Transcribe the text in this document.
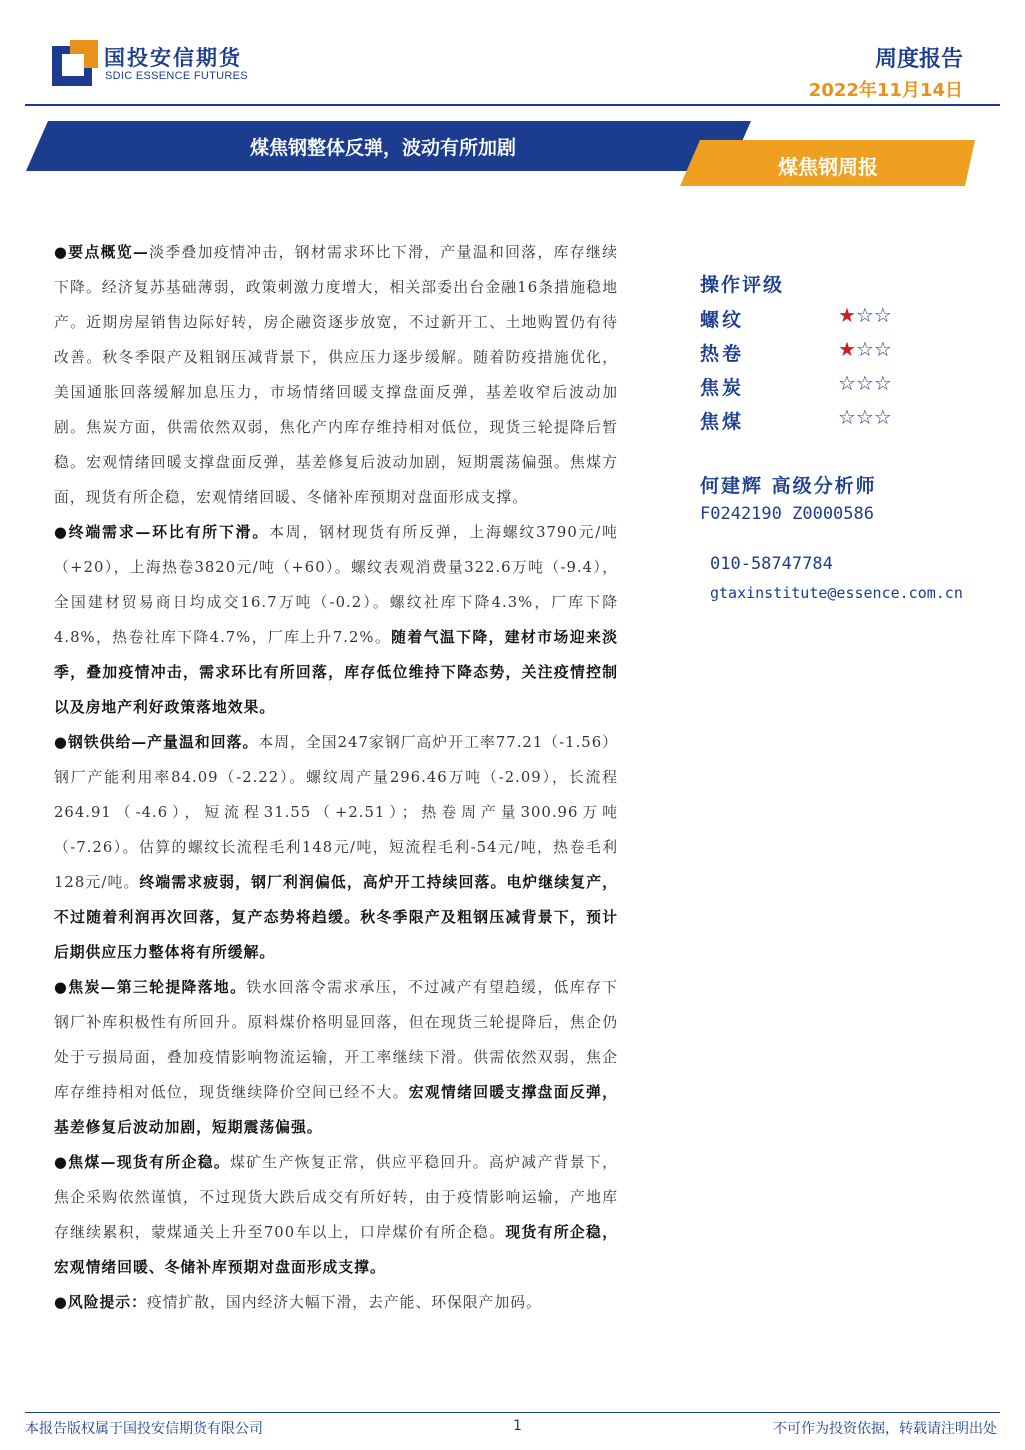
国投安信期货
SDIC ESSENCE FUTURES
周度报告
2022年11月14日
煤焦钢整体反弹，波动有所加剧
煤焦钢周报

●要点概览—淡季叠加疫情冲击，钢材需求环比下滑，产量温和回落，库存继续下降。经济复苏基础薄弱，政策刺激力度增大，相关部委出台金融16条措施稳地产。近期房屋销售边际好转，房企融资逐步放宽，不过新开工、土地购置仍有待改善。秋冬季限产及粗钢压减背景下，供应压力逐步缓解。随着防疫措施优化，美国通胀回落缓解加息压力，市场情绪回暖支撑盘面反弹，基差收窄后波动加剧。焦炭方面，供需依然双弱，焦化产内库存维持相对低位，现货三轮提降后暂稳。宏观情绪回暖支撑盘面反弹，基差修复后波动加剧，短期震荡偏强。焦煤方面，现货有所企稳，宏观情绪回暖、冬储补库预期对盘面形成支撑。

●终端需求—环比有所下滑。本周，钢材现货有所反弹，上海螺纹3790元/吨（+20），上海热卷3820元/吨（+60）。螺纹表观消费量322.6万吨（-9.4），全国建材贸易商日均成交16.7万吨（-0.2）。螺纹社库下降4.3%，厂库下降4.8%，热卷社库下降4.7%，厂库上升7.2%。随着气温下降，建材市场迎来淡季，叠加疫情冲击，需求环比有所回落，库存低位维持下降态势，关注疫情控制以及房地产利好政策落地效果。

●钢铁供给—产量温和回落。本周，全国247家钢厂高炉开工率77.21（-1.56）钢厂产能利用率84.09（-2.22）。螺纹周产量296.46万吨（-2.09），长流程264.91（-4.6），短流程31.55（+2.51）；热卷周产量300.96万吨（-7.26）。估算的螺纹长流程毛利148元/吨，短流程毛利-54元/吨，热卷毛利128元/吨。终端需求疲弱，钢厂利润偏低，高炉开工持续回落。电炉继续复产，不过随着利润再次回落，复产态势将趋缓。秋冬季限产及粗钢压减背景下，预计后期供应压力整体将有所缓解。

●焦炭—第三轮提降落地。铁水回落令需求承压，不过减产有望趋缓，低库存下钢厂补库积极性有所回升。原料煤价格明显回落，但在现货三轮提降后，焦企仍处于亏损局面，叠加疫情影响物流运输，开工率继续下滑。供需依然双弱，焦企库存维持相对低位，现货继续降价空间已经不大。宏观情绪回暖支撑盘面反弹，基差修复后波动加剧，短期震荡偏强。

●焦煤—现货有所企稳。煤矿生产恢复正常，供应平稳回升。高炉减产背景下，焦企采购依然谨慎，不过现货大跌后成交有所好转，由于疫情影响运输，产地库存继续累积，蒙煤通关上升至700车以上，口岸煤价有所企稳。现货有所企稳，宏观情绪回暖、冬储补库预期对盘面形成支撑。

●风险提示：疫情扩散，国内经济大幅下滑，去产能、环保限产加码。

操作评级
螺纹	★☆☆
热卷	★☆☆
焦炭	☆☆☆
焦煤	☆☆☆
何建辉 高级分析师
F0242190 Z0000586
010-58747784
gtaxinstitute@essence.com.cn
本报告版权属于国投安信期货有限公司	1	不可作为投资依据，转载请注明出处
